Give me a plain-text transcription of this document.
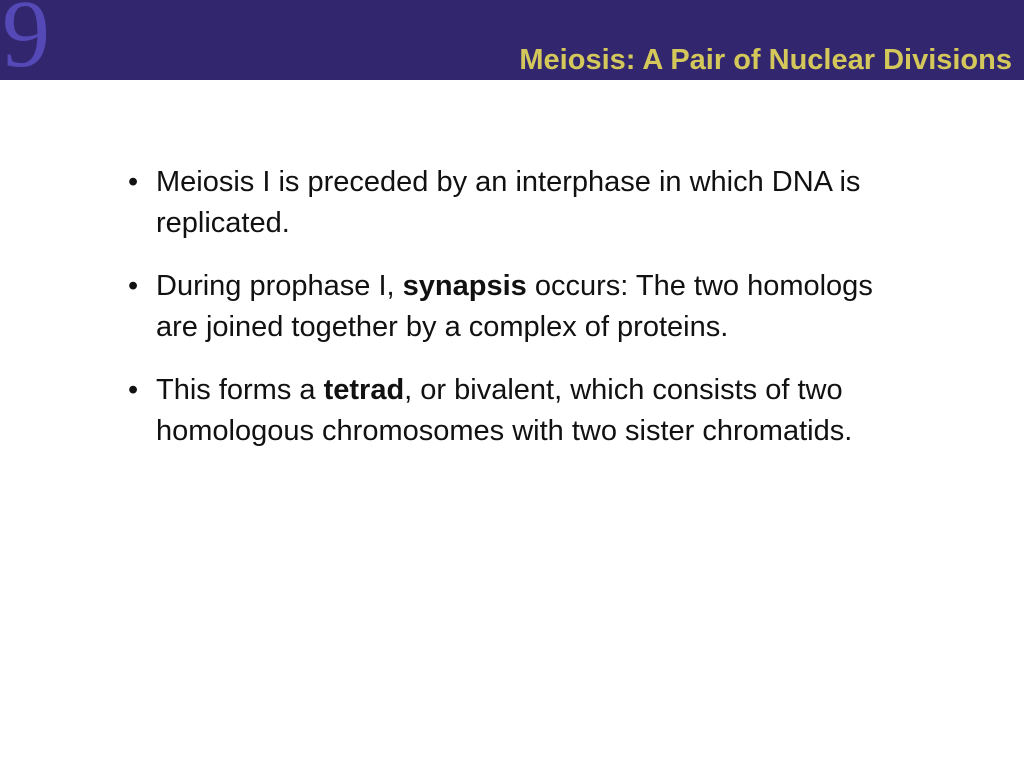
9	Meiosis: A Pair of Nuclear Divisions
• Meiosis I is preceded by an interphase in which DNA is replicated.
• During prophase I, synapsis occurs: The two homologs are joined together by a complex of proteins.
• This forms a tetrad, or bivalent, which consists of two homologous chromosomes with two sister chromatids.
